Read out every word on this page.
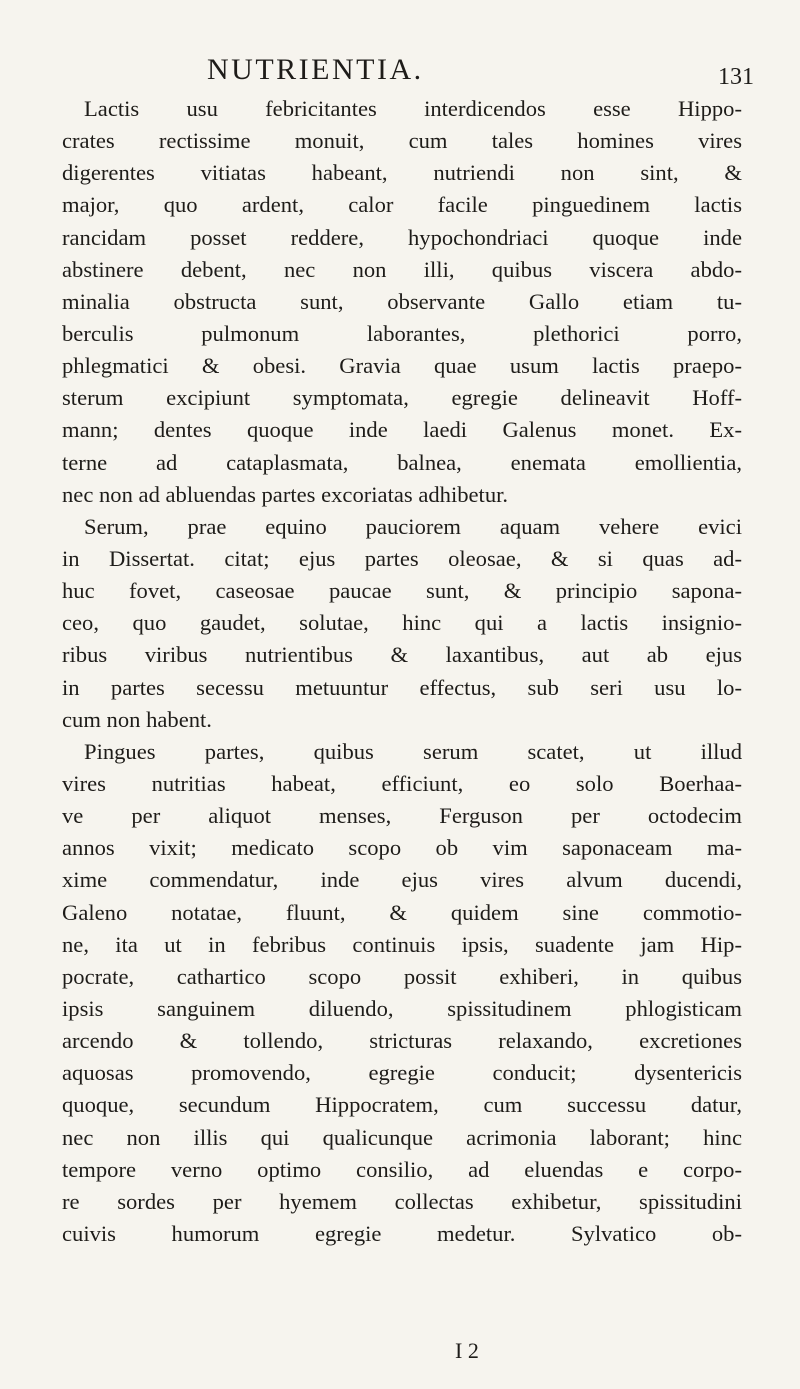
NUTRIENTIA.	131
Lactis usu febricitantes interdicendos esse Hippo-
crates rectissime monuit, cum tales homines vires
digerentes vitiatas habeant, nutriendi non sint, &
major, quo ardent, calor facile pinguedinem lactis
rancidam posset reddere, hypochondriaci quoque inde
abstinere debent, nec non illi, quibus viscera abdo-
minalia obstructa sunt, observante Gallo etiam tu-
berculis pulmonum laborantes, plethorici porro,
phlegmatici & obesi. Gravia quae usum lactis praepo-
sterum excipiunt symptomata, egregie delineavit Hoff-
mann; dentes quoque inde laedi Galenus monet. Ex-
terne ad cataplasmata, balnea, enemata emollientia,
nec non ad abluendas partes excoriatas adhibetur.
Serum, prae equino pauciorem aquam vehere evici
in Dissertat. citat; ejus partes oleosae, & si quas ad-
huc fovet, caseosae paucae sunt, & principio sapona-
ceo, quo gaudet, solutae, hinc qui a lactis insignio-
ribus viribus nutrientibus & laxantibus, aut ab ejus
in partes secessu metuuntur effectus, sub seri usu lo-
cum non habent.
Pingues partes, quibus serum scatet, ut illud
vires nutritias habeat, efficiunt, eo solo Boerhaa-
ve per aliquot menses, Ferguson per octodecim
annos vixit; medicato scopo ob vim saponaceam ma-
xime commendatur, inde ejus vires alvum ducendi,
Galeno notatae, fluunt, & quidem sine commotio-
ne, ita ut in febribus continuis ipsis, suadente jam Hip-
pocrate, cathartico scopo possit exhiberi, in quibus
ipsis sanguinem diluendo, spissitudinem phlogisticam
arcendo & tollendo, stricturas relaxando, excretiones
aquosas promovendo, egregie conducit; dysentericis
quoque, secundum Hippocratem, cum successu datur,
nec non illis qui qualicunque acrimonia laborant; hinc
tempore verno optimo consilio, ad eluendas e corpo-
re sordes per hyemem collectas exhibetur, spissitudini
cuivis humorum egregie medetur. Sylvatico ob-
I 2
